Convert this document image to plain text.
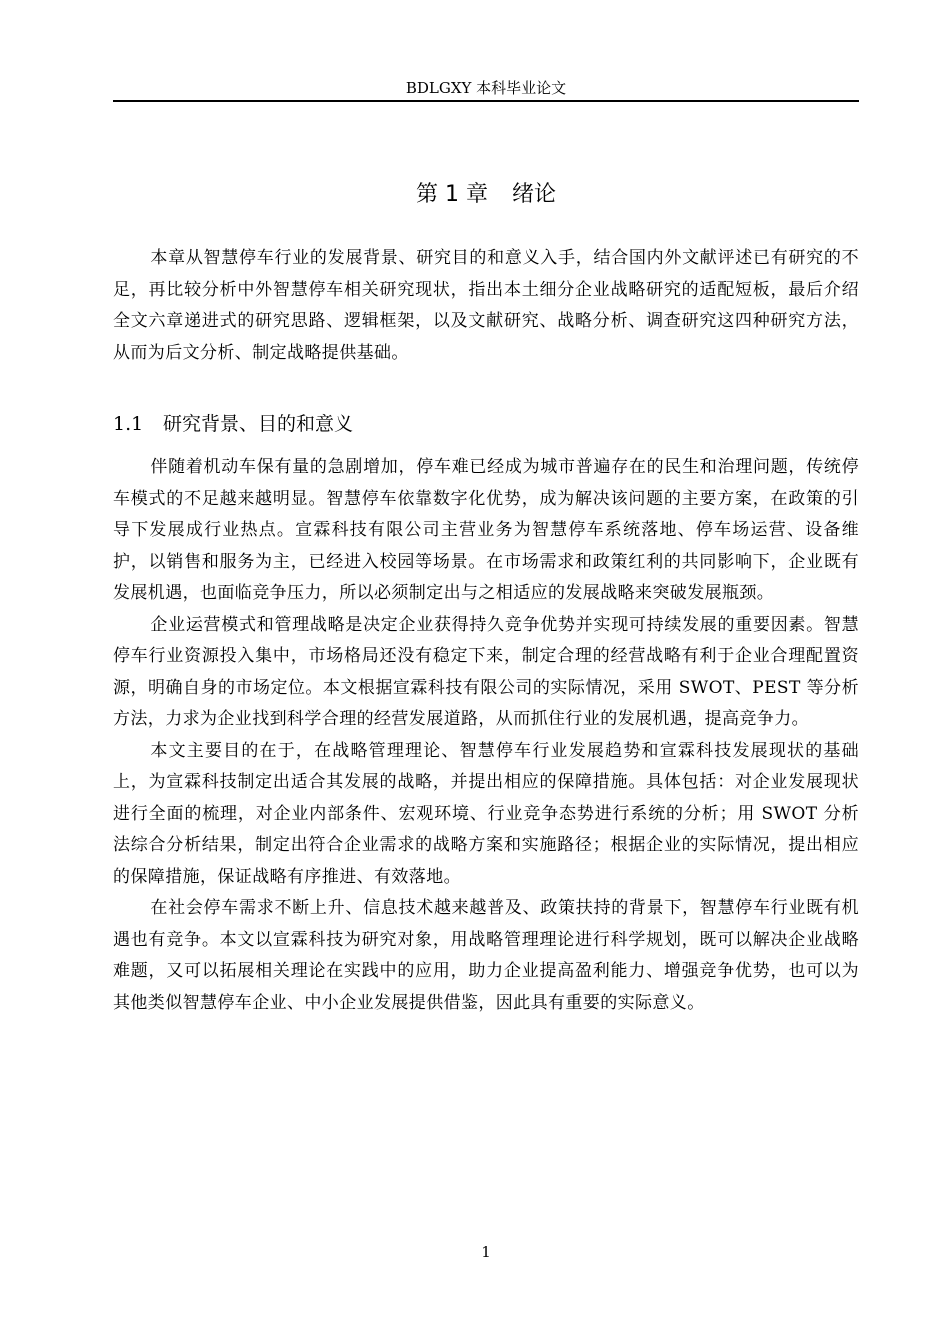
BDLGXY 本科毕业论文
第 1 章 绪论

本章从智慧停车行业的发展背景、研究目的和意义入手，结合国内外文献评述已有研究的不足，再比较分析中外智慧停车相关研究现状，指出本土细分企业战略研究的适配短板，最后介绍全文六章递进式的研究思路、逻辑框架，以及文献研究、战略分析、调查研究这四种研究方法，从而为后文分析、制定战略提供基础。

1.1 研究背景、目的和意义

伴随着机动车保有量的急剧增加，停车难已经成为城市普遍存在的民生和治理问题，传统停车模式的不足越来越明显。智慧停车依靠数字化优势，成为解决该问题的主要方案，在政策的引导下发展成行业热点。宣霖科技有限公司主营业务为智慧停车系统落地、停车场运营、设备维护，以销售和服务为主，已经进入校园等场景。在市场需求和政策红利的共同影响下，企业既有发展机遇，也面临竞争压力，所以必须制定出与之相适应的发展战略来突破发展瓶颈。

企业运营模式和管理战略是决定企业获得持久竞争优势并实现可持续发展的重要因素。智慧停车行业资源投入集中，市场格局还没有稳定下来，制定合理的经营战略有利于企业合理配置资源，明确自身的市场定位。本文根据宣霖科技有限公司的实际情况，采用 SWOT、PEST 等分析方法，力求为企业找到科学合理的经营发展道路，从而抓住行业的发展机遇，提高竞争力。

本文主要目的在于，在战略管理理论、智慧停车行业发展趋势和宣霖科技发展现状的基础上，为宣霖科技制定出适合其发展的战略，并提出相应的保障措施。具体包括：对企业发展现状进行全面的梳理，对企业内部条件、宏观环境、行业竞争态势进行系统的分析；用 SWOT 分析法综合分析结果，制定出符合企业需求的战略方案和实施路径；根据企业的实际情况，提出相应的保障措施，保证战略有序推进、有效落地。

在社会停车需求不断上升、信息技术越来越普及、政策扶持的背景下，智慧停车行业既有机遇也有竞争。本文以宣霖科技为研究对象，用战略管理理论进行科学规划，既可以解决企业战略难题，又可以拓展相关理论在实践中的应用，助力企业提高盈利能力、增强竞争优势，也可以为其他类似智慧停车企业、中小企业发展提供借鉴，因此具有重要的实际意义。

1
